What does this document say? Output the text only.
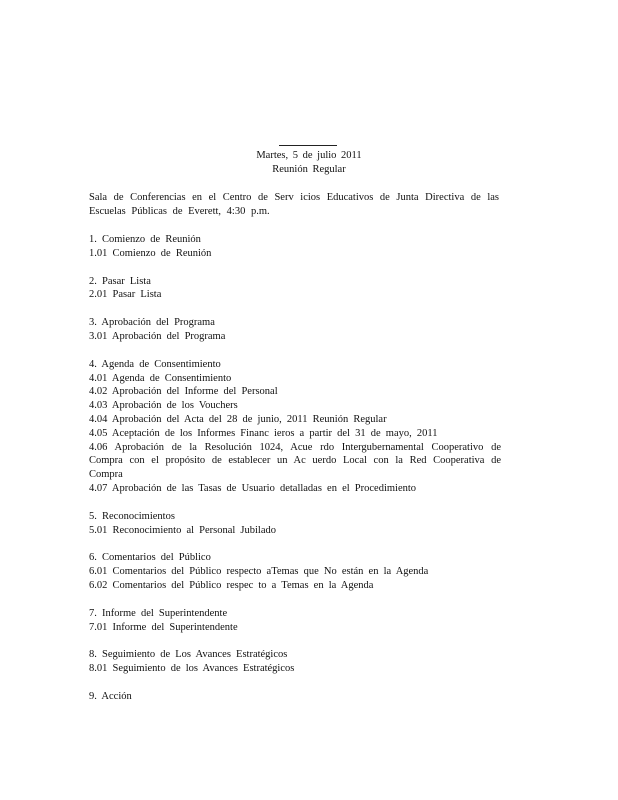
Martes, 5 de julio 2011
Reunión Regular
Sala de Conferencias en el Centro de Serv icios Educativos de Junta Directiva de las Escuelas Públicas de Everett, 4:30 p.m.
1. Comienzo de Reunión
1.01 Comienzo de Reunión
2. Pasar Lista
2.01 Pasar Lista
3. Aprobación del Programa
3.01 Aprobación del Programa
4. Agenda de Consentimiento
4.01 Agenda de Consentimiento
4.02 Aprobación del Informe del Personal
4.03 Aprobación de los Vouchers
4.04 Aprobación del Acta del 28 de junio, 2011 Reunión Regular
4.05 Aceptación de los Informes Financ ieros a partir del 31 de mayo, 2011
4.06 Aprobación de la Resolución 1024, Acue rdo Intergubernamental Cooperativo de Compra con el propósito de establecer un Ac uerdo Local con la Red Cooperativa de Compra
4.07 Aprobación de las Tasas de Usuario detalladas en el Procedimiento
5. Reconocimientos
5.01 Reconocimiento al Personal Jubilado
6. Comentarios del Público
6.01 Comentarios del Público respecto aTemas que No están en la Agenda
6.02 Comentarios del Público respec to a Temas en la Agenda
7. Informe del Superintendente
7.01 Informe del Superintendente
8. Seguimiento de Los Avances Estratégicos
8.01 Seguimiento de los Avances Estratégicos
9. Acción
